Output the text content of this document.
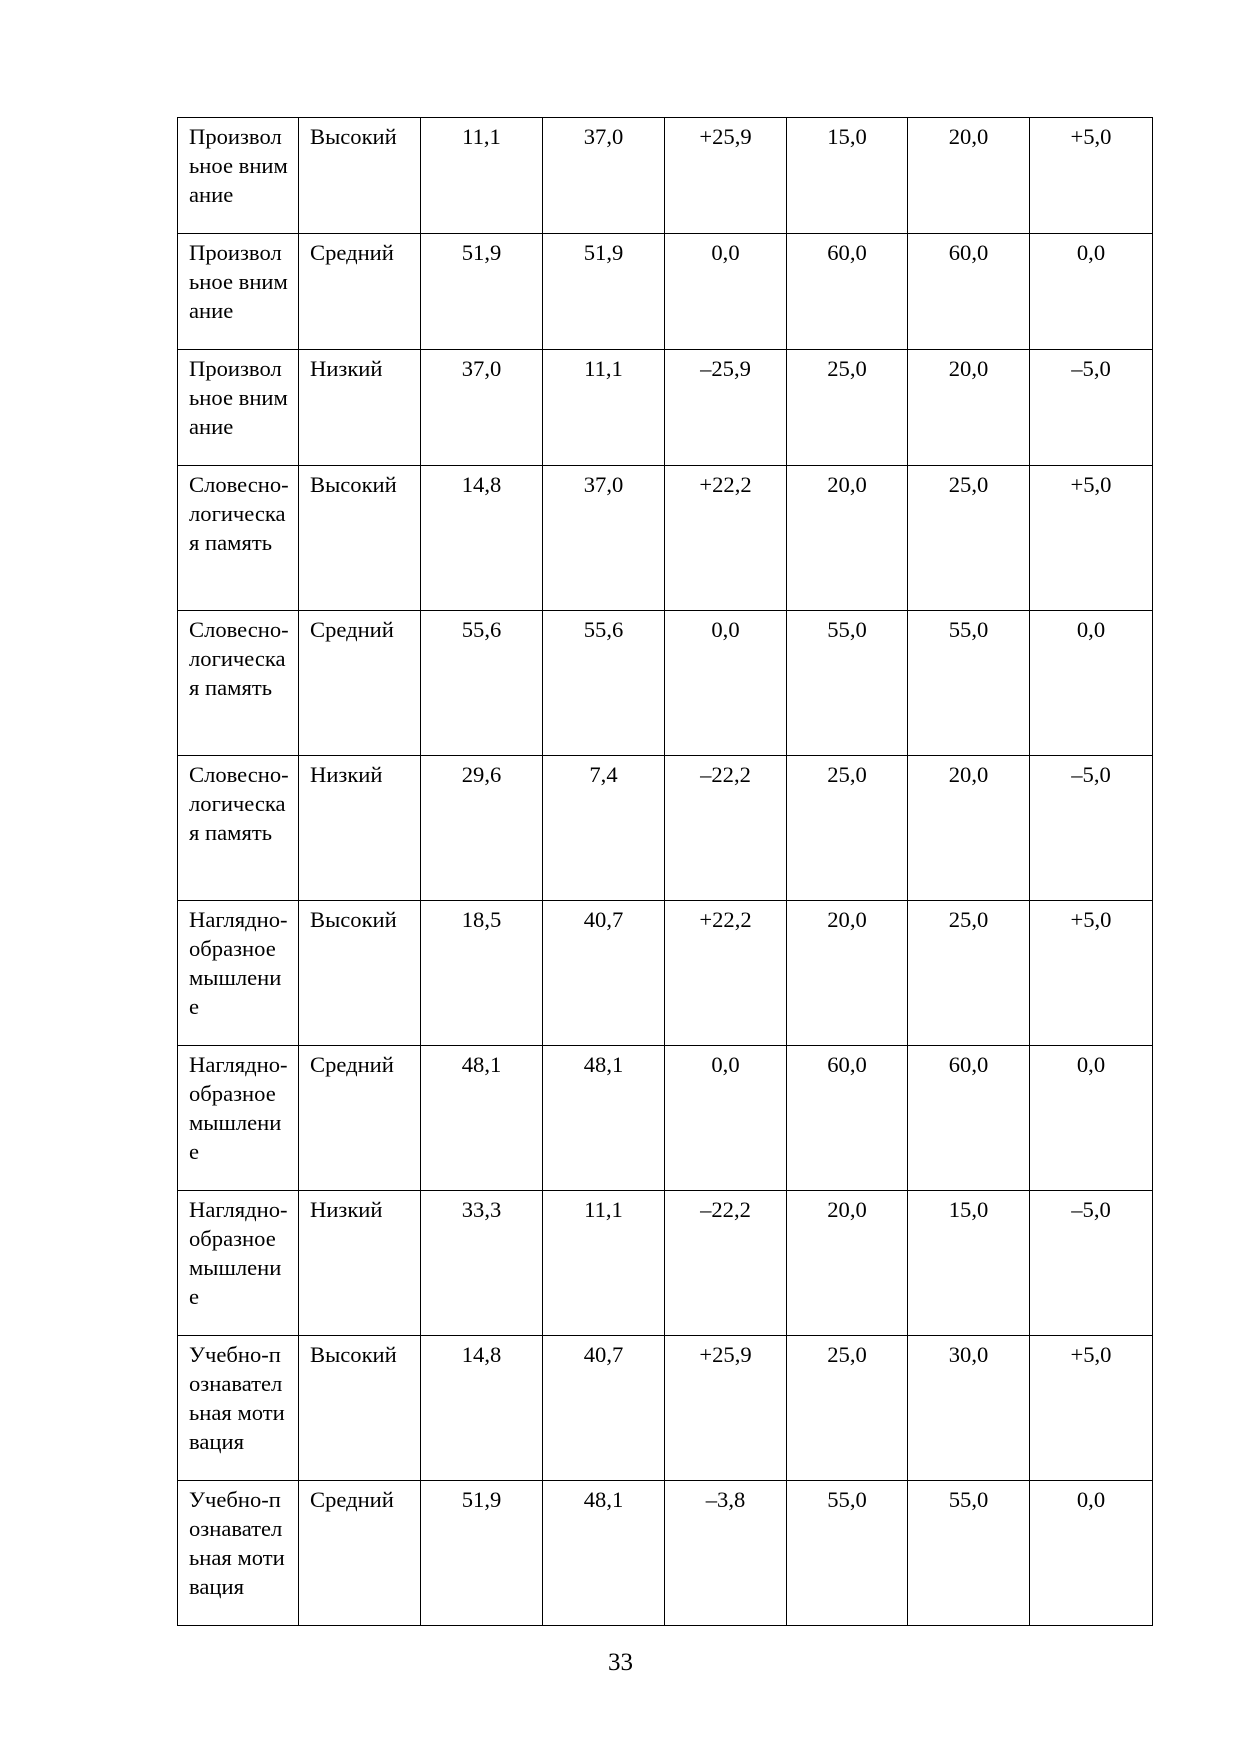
Произвольное внимание	Высокий	11,1	37,0	+25,9	15,0	20,0	+5,0
Произвольное внимание	Средний	51,9	51,9	0,0	60,0	60,0	0,0
Произвольное внимание	Низкий	37,0	11,1	–25,9	25,0	20,0	–5,0
Словесно-логическая память	Высокий	14,8	37,0	+22,2	20,0	25,0	+5,0
Словесно-логическая память	Средний	55,6	55,6	0,0	55,0	55,0	0,0
Словесно-логическая память	Низкий	29,6	7,4	–22,2	25,0	20,0	–5,0
Наглядно-образное мышление	Высокий	18,5	40,7	+22,2	20,0	25,0	+5,0
Наглядно-образное мышление	Средний	48,1	48,1	0,0	60,0	60,0	0,0
Наглядно-образное мышление	Низкий	33,3	11,1	–22,2	20,0	15,0	–5,0
Учебно-познавательная мотивация	Высокий	14,8	40,7	+25,9	25,0	30,0	+5,0
Учебно-познавательная мотивация	Средний	51,9	48,1	–3,8	55,0	55,0	0,0
33
